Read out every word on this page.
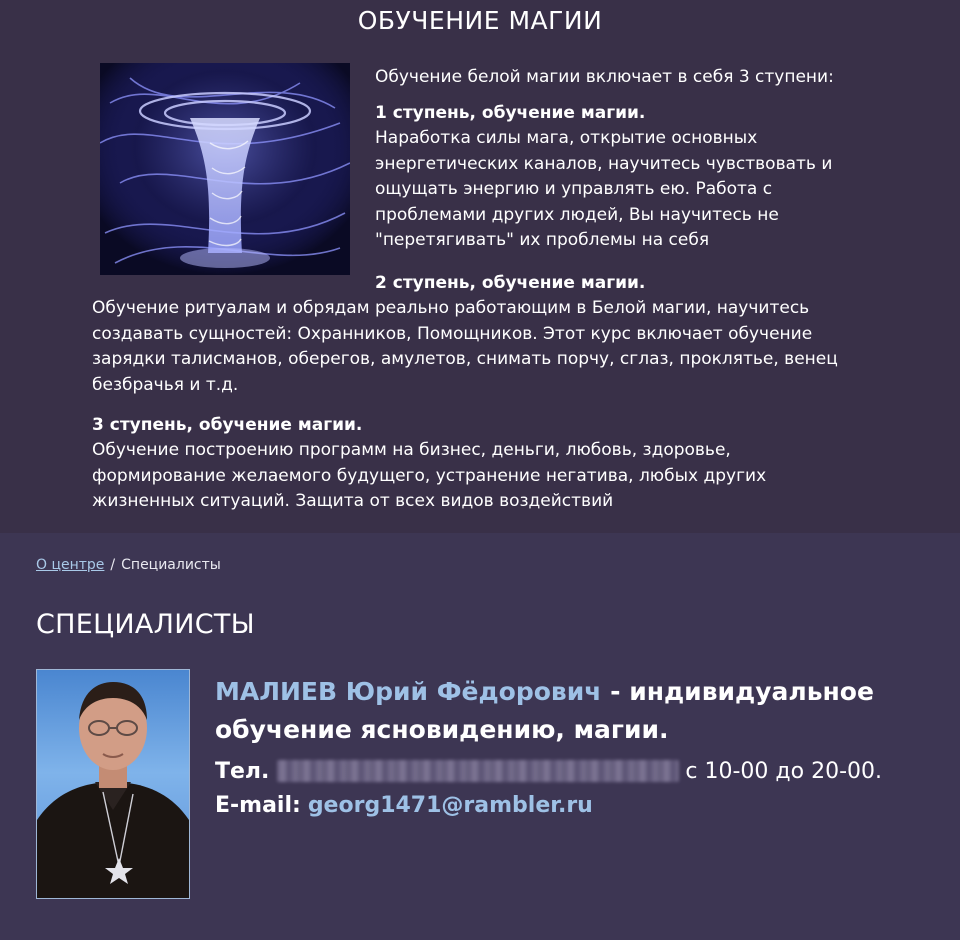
ОБУЧЕНИЕ МАГИИ
Обучение белой магии включает в себя 3 ступени:
1 ступень, обучение магии.
Наработка силы мага, открытие основных
энергетических каналов, научитесь чувствовать и
ощущать энергию и управлять ею. Работа с
проблемами других людей, Вы научитесь не
"перетягивать" их проблемы на себя
2 ступень, обучение магии.
Обучение ритуалам и обрядам реально работающим в Белой магии, научитесь
создавать сущностей: Охранников, Помощников. Этот курс включает обучение
зарядки талисманов, оберегов, амулетов, снимать порчу, сглаз, проклятье, венец
безбрачья и т.д.
3 ступень, обучение магии.
Обучение построению программ на бизнес, деньги, любовь, здоровье,
формирование желаемого будущего, устранение негатива, любых других
жизненных ситуаций. Защита от всех видов воздействий
О центре / Специалисты
СПЕЦИАЛИСТЫ
МАЛИЕВ Юрий Фёдорович - индивидуальное
обучение ясновидению, магии.
Тел.	с 10-00 до 20-00.
E-mail: georg1471@rambler.ru
